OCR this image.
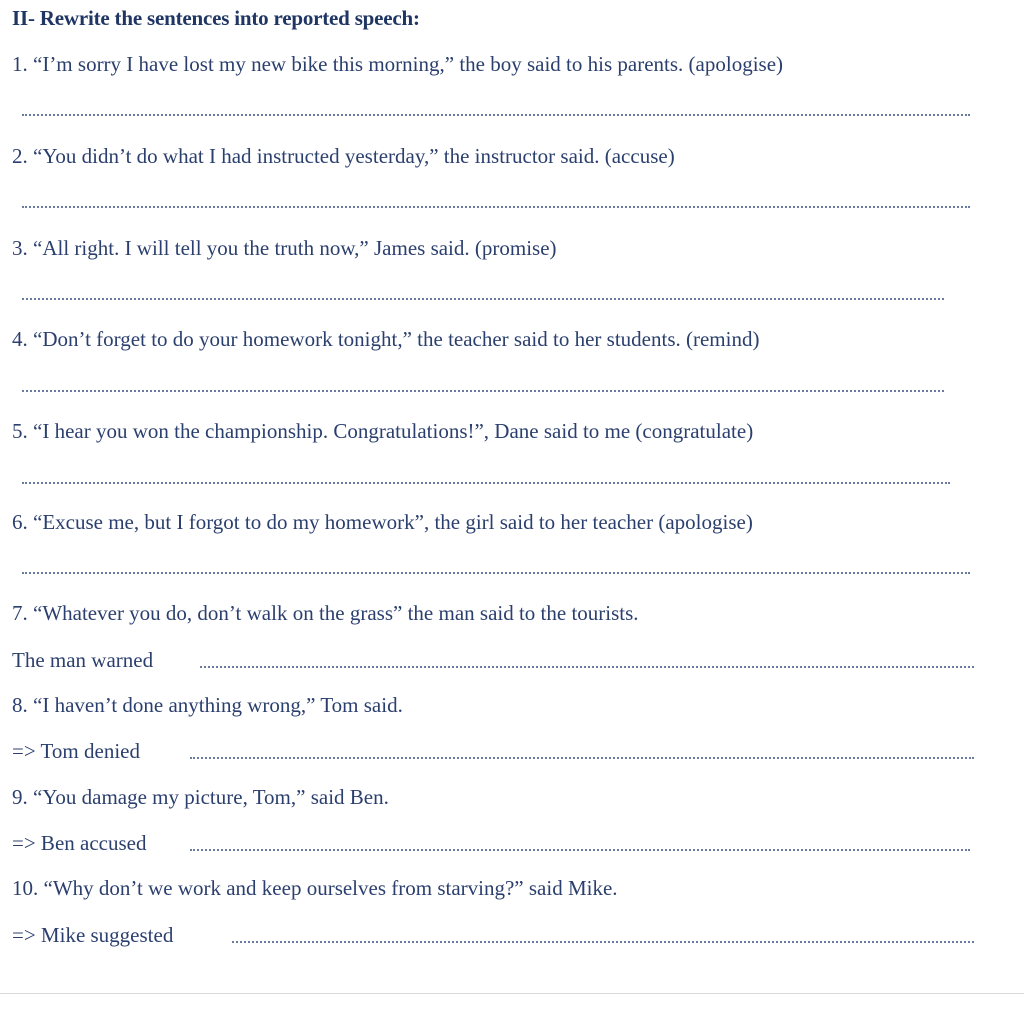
II- Rewrite the sentences into reported speech:
1. “I’m sorry I have lost my new bike this morning,” the boy said to his parents. (apologise)
2. “You didn’t do what I had instructed yesterday,” the instructor said. (accuse)
3. “All right. I will tell you the truth now,” James said. (promise)
4. “Don’t forget to do your homework tonight,” the teacher said to her students. (remind)
5. “I hear you won the championship. Congratulations!”, Dane said to me (congratulate)
6. “Excuse me, but I forgot to do my homework”, the girl said to her teacher (apologise)
7. “Whatever you do, don’t walk on the grass” the man said to the tourists.
The man warned
8. “I haven’t done anything wrong,” Tom said.
=> Tom denied
9. “You damage my picture, Tom,” said Ben.
=> Ben accused
10. “Why don’t we work and keep ourselves from starving?” said Mike.
=> Mike suggested
